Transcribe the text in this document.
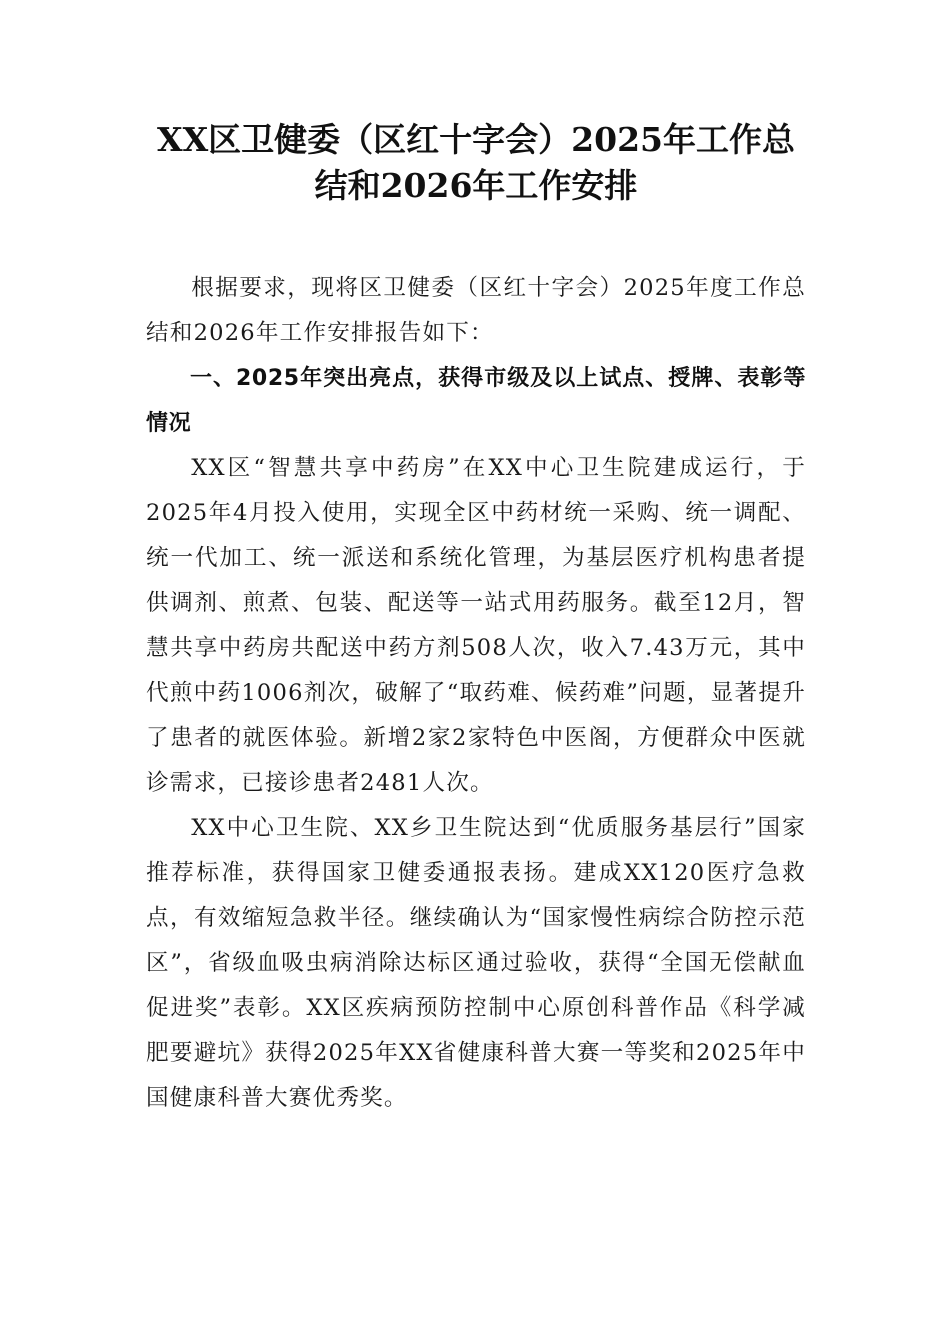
XX区卫健委（区红十字会）2025年工作总
结和2026年工作安排

根据要求，现将区卫健委（区红十字会）2025年度工作总结和2026年工作安排报告如下：

一、2025年突出亮点，获得市级及以上试点、授牌、表彰等情况

XX区“智慧共享中药房”在XX中心卫生院建成运行，于2025年4月投入使用，实现全区中药材统一采购、统一调配、统一代加工、统一派送和系统化管理，为基层医疗机构患者提供调剂、煎煮、包装、配送等一站式用药服务。截至12月，智慧共享中药房共配送中药方剂508人次，收入7.43万元，其中代煎中药1006剂次，破解了“取药难、候药难”问题，显著提升了患者的就医体验。新增2家2家特色中医阁，方便群众中医就诊需求，已接诊患者2481人次。

XX中心卫生院、XX乡卫生院达到“优质服务基层行”国家推荐标准，获得国家卫健委通报表扬。建成XX120医疗急救点，有效缩短急救半径。继续确认为“国家慢性病综合防控示范区”，省级血吸虫病消除达标区通过验收，获得“全国无偿献血促进奖”表彰。XX区疾病预防控制中心原创科普作品《科学减肥要避坑》获得2025年XX省健康科普大赛一等奖和2025年中国健康科普大赛优秀奖。
